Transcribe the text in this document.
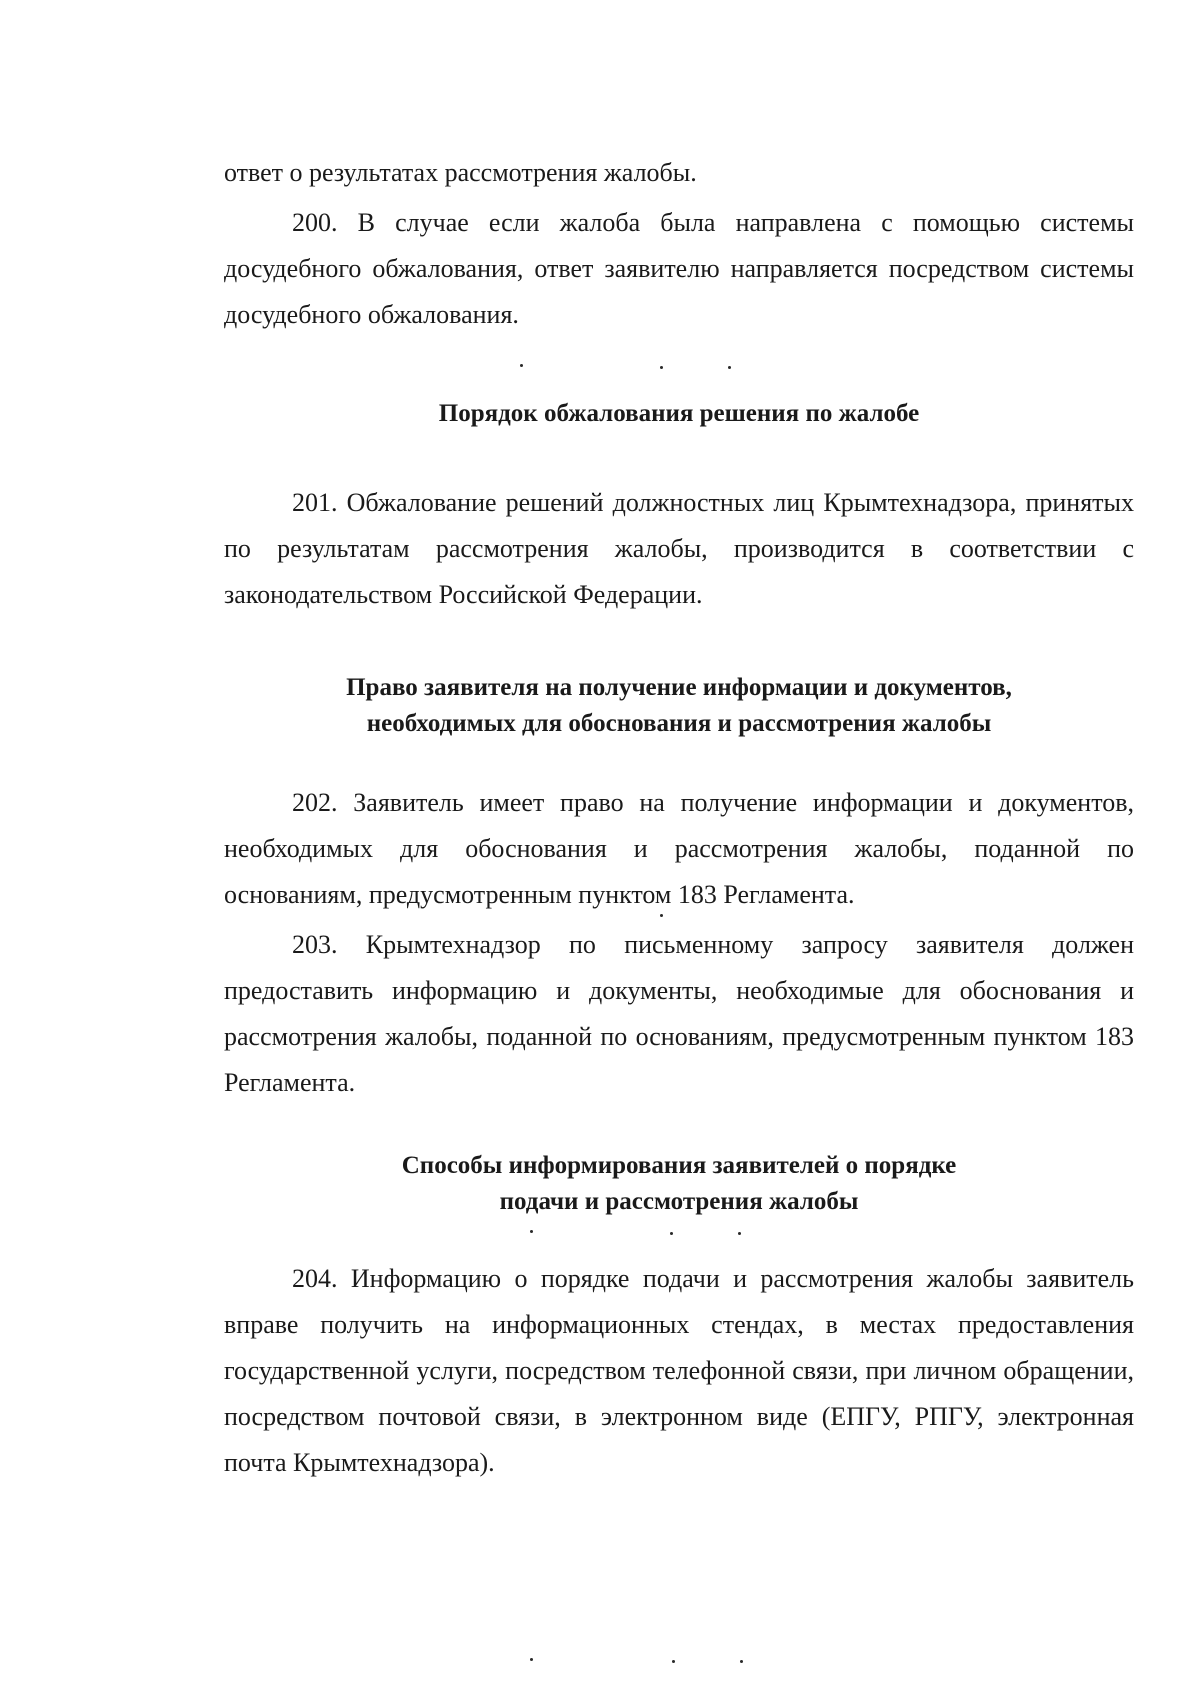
ответ о результатах рассмотрения жалобы.
200. В случае если жалоба была направлена с помощью системы досудебного обжалования, ответ заявителю направляется посредством системы досудебного обжалования.
Порядок обжалования решения по жалобе
201. Обжалование решений должностных лиц Крымтехнадзора, принятых по результатам рассмотрения жалобы, производится в соответствии с законодательством Российской Федерации.
Право заявителя на получение информации и документов,
необходимых для обоснования и рассмотрения жалобы
202. Заявитель имеет право на получение информации и документов, необходимых для обоснования и рассмотрения жалобы, поданной по основаниям, предусмотренным пунктом 183 Регламента.
203. Крымтехнадзор по письменному запросу заявителя должен предоставить информацию и документы, необходимые для обоснования и рассмотрения жалобы, поданной по основаниям, предусмотренным пунктом 183 Регламента.
Способы информирования заявителей о порядке
подачи и рассмотрения жалобы
204. Информацию о порядке подачи и рассмотрения жалобы заявитель вправе получить на информационных стендах, в местах предоставления государственной услуги, посредством телефонной связи, при личном обращении, посредством почтовой связи, в электронном виде (ЕПГУ, РПГУ, электронная почта Крымтехнадзора).
